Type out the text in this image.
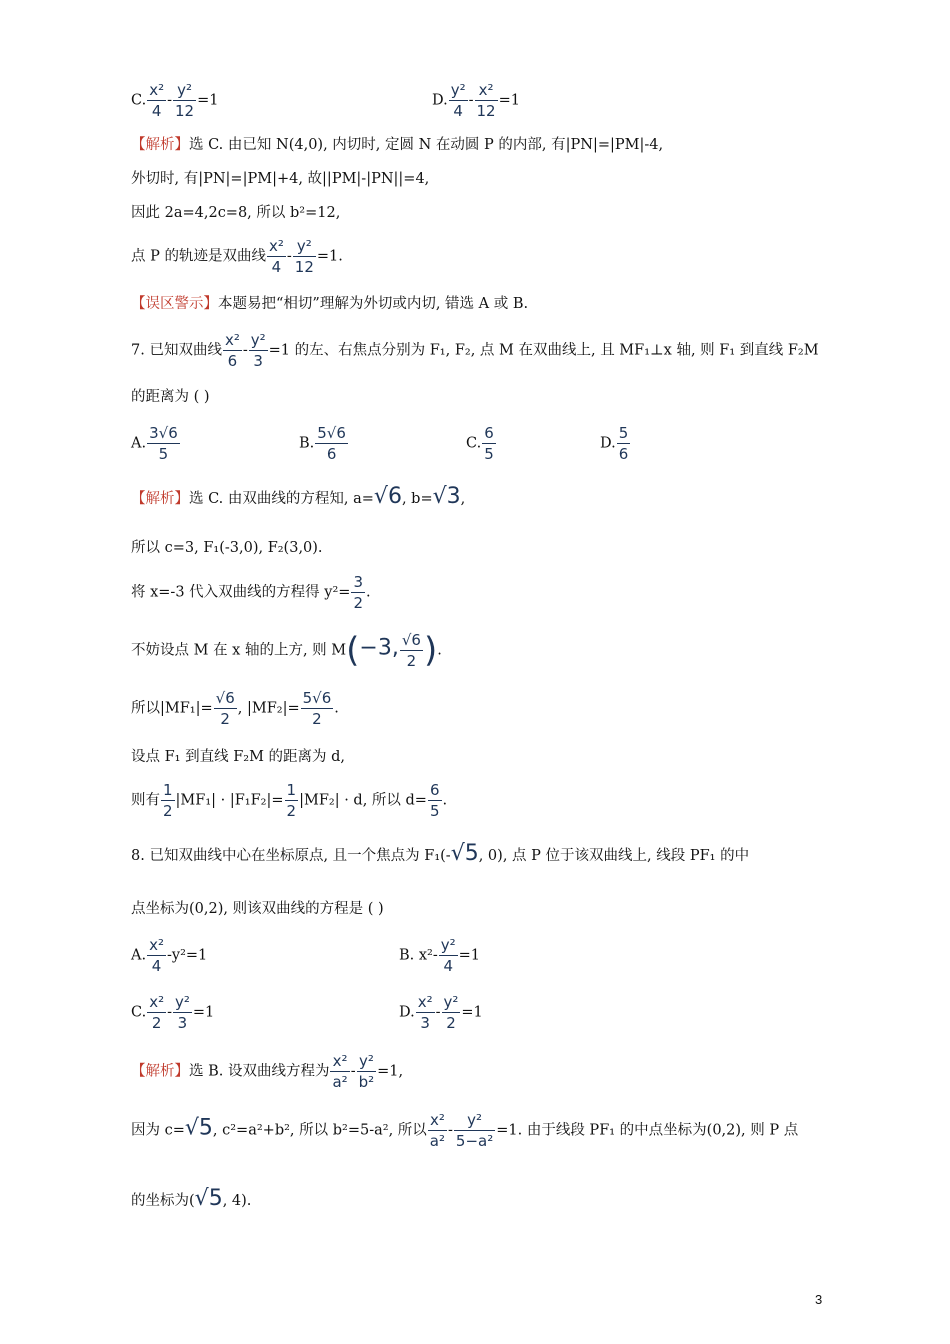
C. $\frac{\text{x²}}{4} - \frac{\text{y²}}{12} =1$	D. $\frac{\text{y²}}{4} - \frac{\text{x²}}{12} =1$
【解析】选 C. 由已知 N(4,0), 内切时, 定圆 N 在动圆 P 的内部, 有|PN|=|PM|-4,
外切时, 有|PN|=|PM|+4, 故||PM|-|PN||=4,
因此 2a=4,2c=8, 所以 b²=12,
点 P 的轨迹是双曲线 $\frac{\text{x²}}{4} - \frac{\text{y²}}{12} =1$.
【误区警示】本题易把“相切”理解为外切或内切, 错选 A 或 B.
7. 已知双曲线 $\frac{\text{x²}}{6} - \frac{\text{y²}}{3} =1$ 的左、右焦点分别为 F₁, F₂, 点 M 在双曲线上, 且 MF₁⊥x 轴, 则 F₁ 到直线 F₂M
的距离为 ( )
A. $\frac{3√6}{5}$	B. $\frac{5√6}{6}$	C. $\frac{6}{5}$	D. $\frac{5}{6}$
【解析】选 C. 由双曲线的方程知, a=√6, b=√3,
所以 c=3, F₁(-3,0), F₂(3,0).
将 x=-3 代入双曲线的方程得 $y^2= \frac{3}{2}$ .
不妨设点 M 在 x 轴的上方, 则 M(−3, $\frac{√6}{2}$ ).
所以$|MF_1|= \frac{√6}{2}$ , $|MF_2|= \frac{5√6}{2}$ .
设点 F₁ 到直线 F₂M 的距离为 d,
则有 $\frac{1}{2} |MF_1| \cdot |F_1F_2|= \frac{1}{2} |MF_2| \cdot d$, 所以 $d= \frac{6}{5}$ .
8. 已知双曲线中心在坐标原点, 且一个焦点为 F₁(-√5, 0), 点 P 位于该双曲线上, 线段 PF₁ 的中
点坐标为(0,2), 则该双曲线的方程是 ( )
A. $\frac{\text{x²}}{4} -y^2=1$	B. $x^2- \frac{\text{y²}}{4} =1$
C. $\frac{\text{x²}}{2} - \frac{\text{y²}}{3} =1$	D. $\frac{\text{x²}}{3} - \frac{\text{y²}}{2} =1$
【解析】选 B. 设双曲线方程为 $\frac{\text{x²}}{\text{a²}} - \frac{\text{y²}}{\text{b²}} =1$,
因为 c=√5, c²=a²+b², 所以 b²=5-a², 所以 $\frac{\text{x²}}{\text{a²}} - \frac{\text{y²}}{\text{5−a²}} =1$. 由于线段 PF₁ 的中点坐标为(0,2), 则 P 点
的坐标为(√5, 4).
3
